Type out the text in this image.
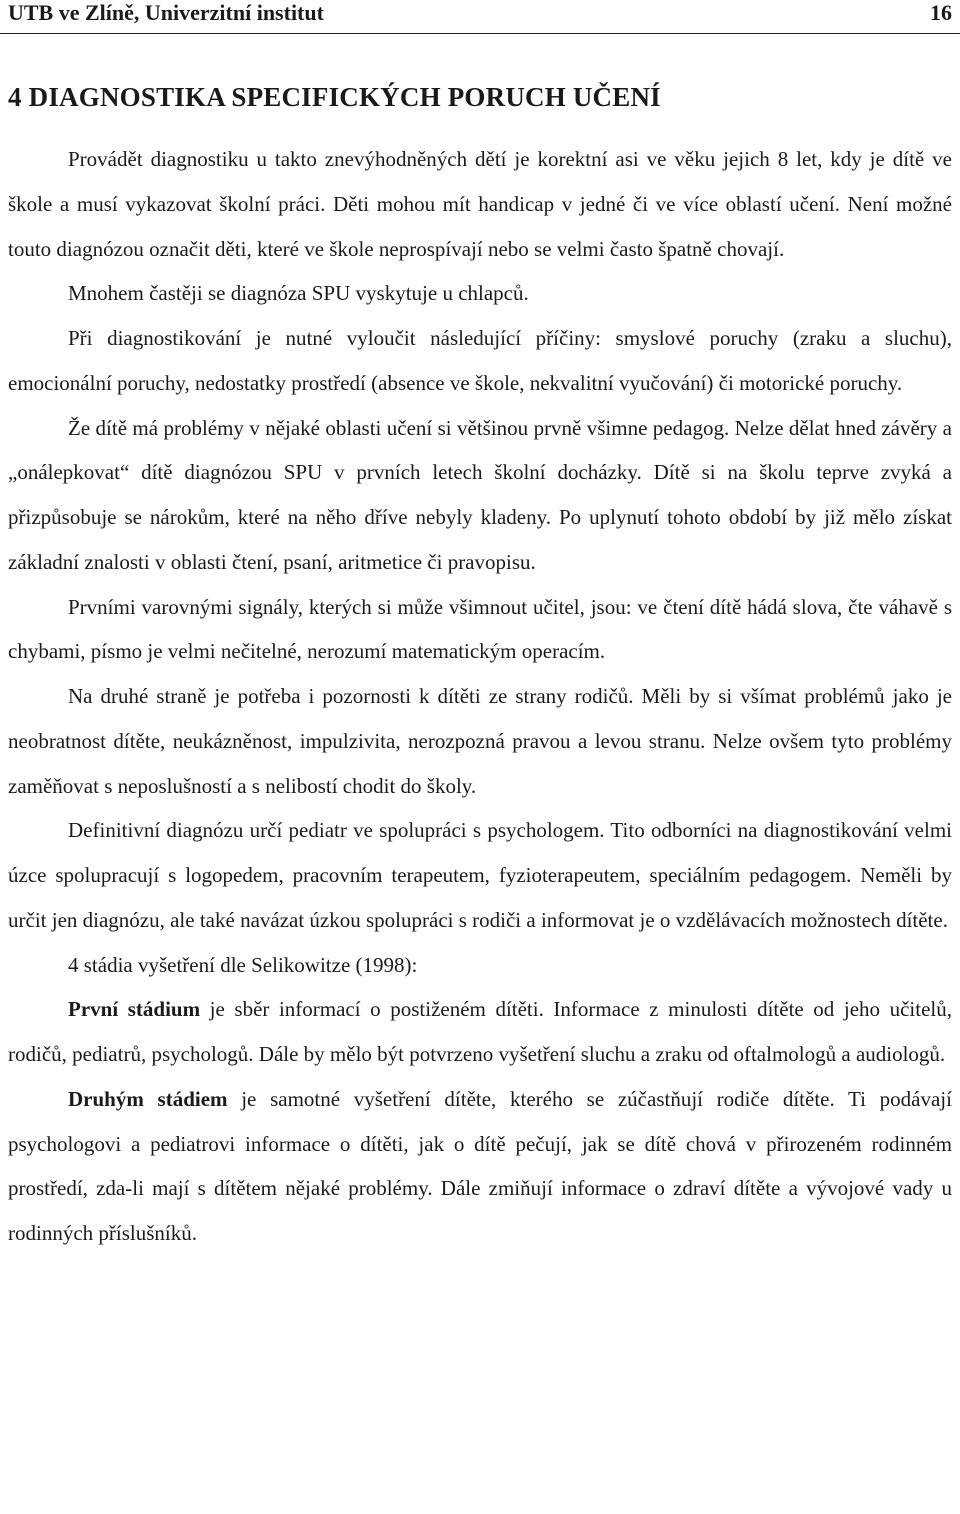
UTB ve Zlíně, Univerzitní institut	16
4 DIAGNOSTIKA SPECIFICKÝCH PORUCH UČENÍ

Provádět diagnostiku u takto znevýhodněných dětí je korektní asi ve věku jejich 8 let, kdy je dítě ve škole a musí vykazovat školní práci. Děti mohou mít handicap v jedné či ve více oblastí učení. Není možné touto diagnózou označit děti, které ve škole neprospívají nebo se velmi často špatně chovají.

Mnohem častěji se diagnóza SPU vyskytuje u chlapců.

Při diagnostikování je nutné vyloučit následující příčiny: smyslové poruchy (zraku a sluchu), emocionální poruchy, nedostatky prostředí (absence ve škole, nekvalitní vyučování) či motorické poruchy.

Že dítě má problémy v nějaké oblasti učení si většinou prvně všimne pedagog. Nelze dělat hned závěry a „onálepkovat“ dítě diagnózou SPU v prvních letech školní docházky. Dítě si na školu teprve zvyká a přizpůsobuje se nárokům, které na něho dříve nebyly kladeny. Po uplynutí tohoto období by již mělo získat základní znalosti v oblasti čtení, psaní, aritmetice či pravopisu.

Prvními varovnými signály, kterých si může všimnout učitel, jsou: ve čtení dítě hádá slova, čte váhavě s chybami, písmo je velmi nečitelné, nerozumí matematickým operacím.

Na druhé straně je potřeba i pozornosti k dítěti ze strany rodičů. Měli by si všímat problémů jako je neobratnost dítěte, neukázněnost, impulzivita, nerozpozná pravou a levou stranu. Nelze ovšem tyto problémy zaměňovat s neposlušností a s nelibostí chodit do školy.

Definitivní diagnózu určí pediatr ve spolupráci s psychologem. Tito odborníci na diagnostikování velmi úzce spolupracují s logopedem, pracovním terapeutem, fyzioterapeutem, speciálním pedagogem. Neměli by určit jen diagnózu, ale také navázat úzkou spolupráci s rodiči a informovat je o vzdělávacích možnostech dítěte.

4 stádia vyšetření dle Selikowitze (1998):

První stádium je sběr informací o postiženém dítěti. Informace z minulosti dítěte od jeho učitelů, rodičů, pediatrů, psychologů. Dále by mělo být potvrzeno vyšetření sluchu a zraku od oftalmologů a audiologů.

Druhým stádiem je samotné vyšetření dítěte, kterého se zúčastňují rodiče dítěte. Ti podávají psychologovi a pediatrovi informace o dítěti, jak o dítě pečují, jak se dítě chová v přirozeném rodinném prostředí, zda-li mají s dítětem nějaké problémy. Dále zmiňují informace o zdraví dítěte a vývojové vady u rodinných příslušníků.
